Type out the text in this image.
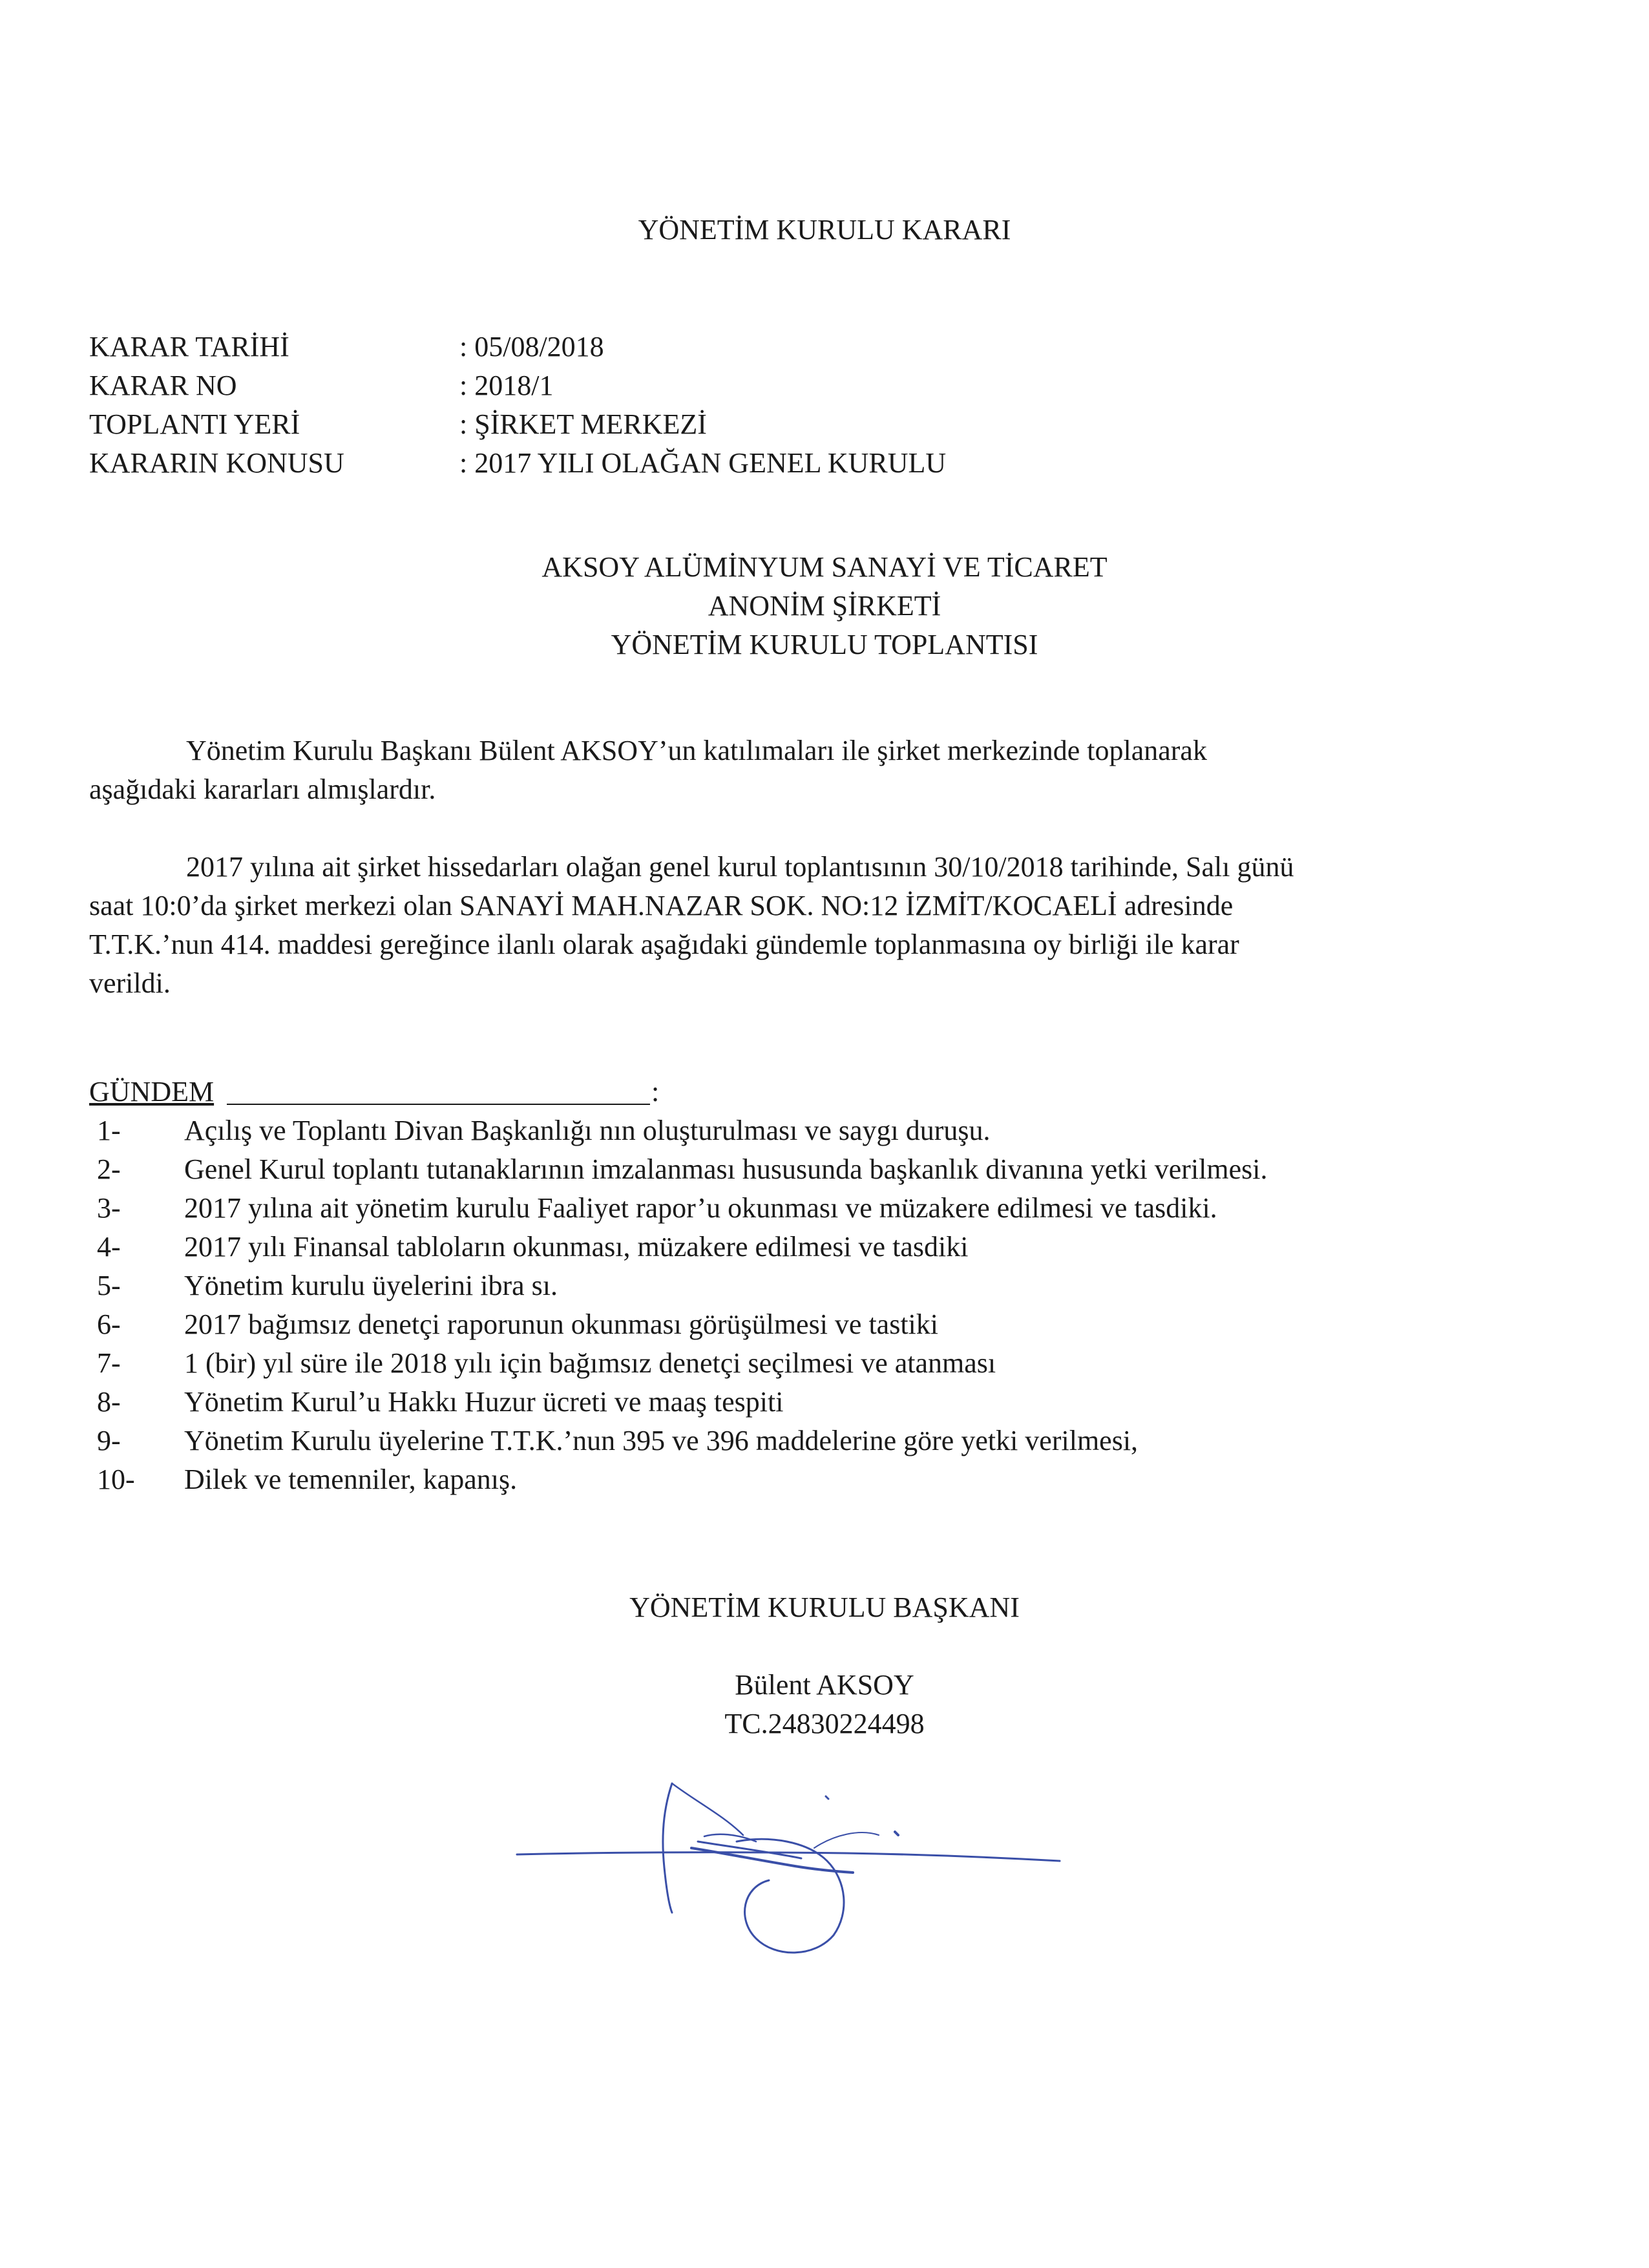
YÖNETİM KURULU KARARI
KARAR TARİHİ	: 05/08/2018
KARAR NO	: 2018/1
TOPLANTI YERİ	: ŞİRKET MERKEZİ
KARARIN KONUSU	: 2017 YILI OLAĞAN GENEL KURULU
AKSOY ALÜMİNYUM SANAYİ VE TİCARET
ANONİM ŞİRKETİ
YÖNETİM KURULU TOPLANTISI
Yönetim Kurulu Başkanı Bülent AKSOY’un katılımaları ile şirket merkezinde toplanarak
aşağıdaki kararları almışlardır.
2017 yılına ait şirket hissedarları olağan genel kurul toplantısının 30/10/2018 tarihinde, Salı günü
saat 10:0’da şirket merkezi olan SANAYİ MAH.NAZAR SOK. NO:12 İZMİT/KOCAELİ adresinde
T.T.K.’nun 414. maddesi gereğince ilanlı olarak aşağıdaki gündemle toplanmasına oy birliği ile karar
verildi.
GÜNDEM	:
1-	Açılış ve Toplantı Divan Başkanlığı nın oluşturulması ve saygı duruşu.
2-	Genel Kurul toplantı tutanaklarının imzalanması hususunda başkanlık divanına yetki verilmesi.
3-	2017 yılına ait yönetim kurulu Faaliyet rapor’u okunması ve müzakere edilmesi ve tasdiki.
4-	2017 yılı Finansal tabloların okunması, müzakere edilmesi ve tasdiki
5-	Yönetim kurulu üyelerini ibra sı.
6-	2017 bağımsız denetçi raporunun okunması görüşülmesi ve tastiki
7-	1 (bir) yıl süre ile 2018 yılı için bağımsız denetçi seçilmesi ve atanması
8-	Yönetim Kurul’u Hakkı Huzur ücreti ve maaş tespiti
9-	Yönetim Kurulu üyelerine T.T.K.’nun 395 ve 396 maddelerine göre yetki verilmesi,
10-	Dilek ve temenniler, kapanış.
YÖNETİM KURULU BAŞKANI
Bülent AKSOY
TC.24830224498
